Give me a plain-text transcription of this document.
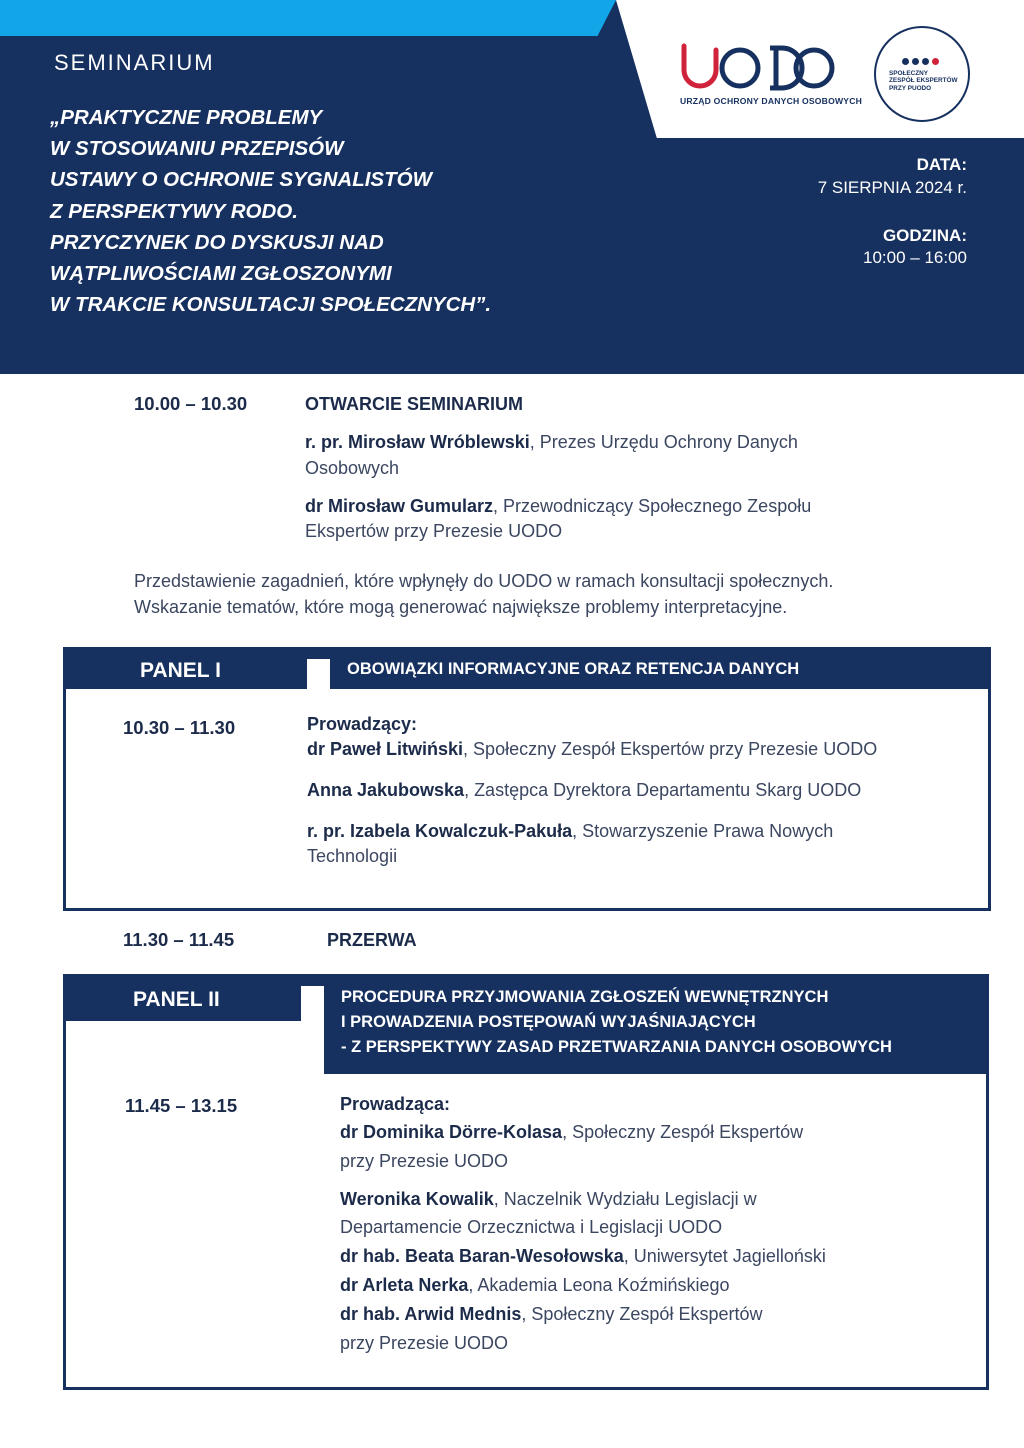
SEMINARIUM
„PRAKTYCZNE PROBLEMY
W STOSOWANIU PRZEPISÓW
USTAWY O OCHRONIE SYGNALISTÓW
Z PERSPEKTYWY RODO.
PRZYCZYNEK DO DYSKUSJI NAD
WĄTPLIWOŚCIAMI ZGŁOSZONYMI
W TRAKCIE KONSULTACJI SPOŁECZNYCH”.
DATA:
7 SIERPNIA 2024 r.
GODZINA:
10:00 – 16:00
URZĄD OCHRONY DANYCH OSOBOWYCH
SPOŁECZNY
ZESPÓŁ EKSPERTÓW
PRZY PUODO
10.00 – 10.30	OTWARCIE SEMINARIUM
r. pr. Mirosław Wróblewski, Prezes Urzędu Ochrony Danych
Osobowych
dr Mirosław Gumularz, Przewodniczący Społecznego Zespołu
Ekspertów przy Prezesie UODO
Przedstawienie zagadnień, które wpłynęły do UODO w ramach konsultacji społecznych.
Wskazanie tematów, które mogą generować największe problemy interpretacyjne.
PANEL I	OBOWIĄZKI INFORMACYJNE ORAZ RETENCJA DANYCH
10.30 – 11.30	Prowadzący:
dr Paweł Litwiński, Społeczny Zespół Ekspertów przy Prezesie UODO
Anna Jakubowska, Zastępca Dyrektora Departamentu Skarg UODO
r. pr. Izabela Kowalczuk-Pakuła, Stowarzyszenie Prawa Nowych
Technologii
11.30 – 11.45	PRZERWA
PANEL II	PROCEDURA PRZYJMOWANIA ZGŁOSZEŃ WEWNĘTRZNYCH
I PROWADZENIA POSTĘPOWAŃ WYJAŚNIAJĄCYCH
- Z PERSPEKTYWY ZASAD PRZETWARZANIA DANYCH OSOBOWYCH
11.45 – 13.15	Prowadząca:
dr Dominika Dörre-Kolasa, Społeczny Zespół Ekspertów
przy Prezesie UODO
Weronika Kowalik, Naczelnik Wydziału Legislacji w
Departamencie Orzecznictwa i Legislacji UODO
dr hab. Beata Baran-Wesołowska, Uniwersytet Jagielloński
dr Arleta Nerka, Akademia Leona Koźmińskiego
dr hab. Arwid Mednis, Społeczny Zespół Ekspertów
przy Prezesie UODO
